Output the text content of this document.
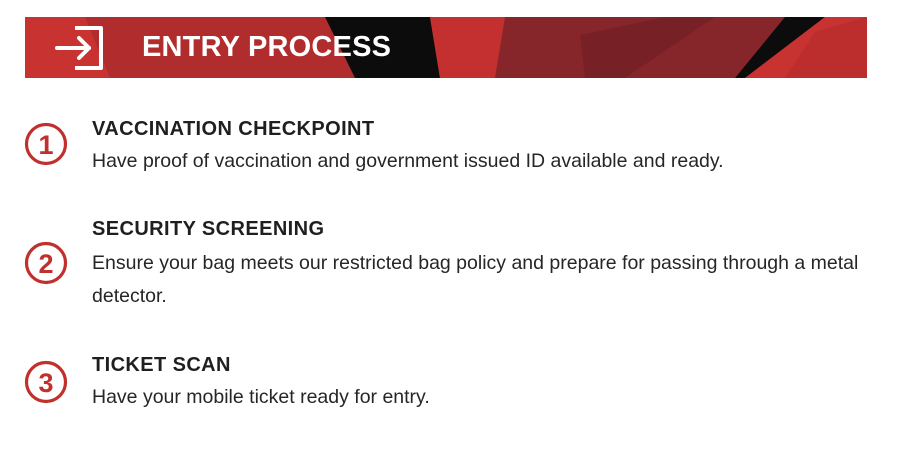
ENTRY PROCESS
1
VACCINATION CHECKPOINT
Have proof of vaccination and government issued ID available and ready.
2
SECURITY SCREENING
Ensure your bag meets our restricted bag policy and prepare for passing through a metal detector.
3
TICKET SCAN
Have your mobile ticket ready for entry.
